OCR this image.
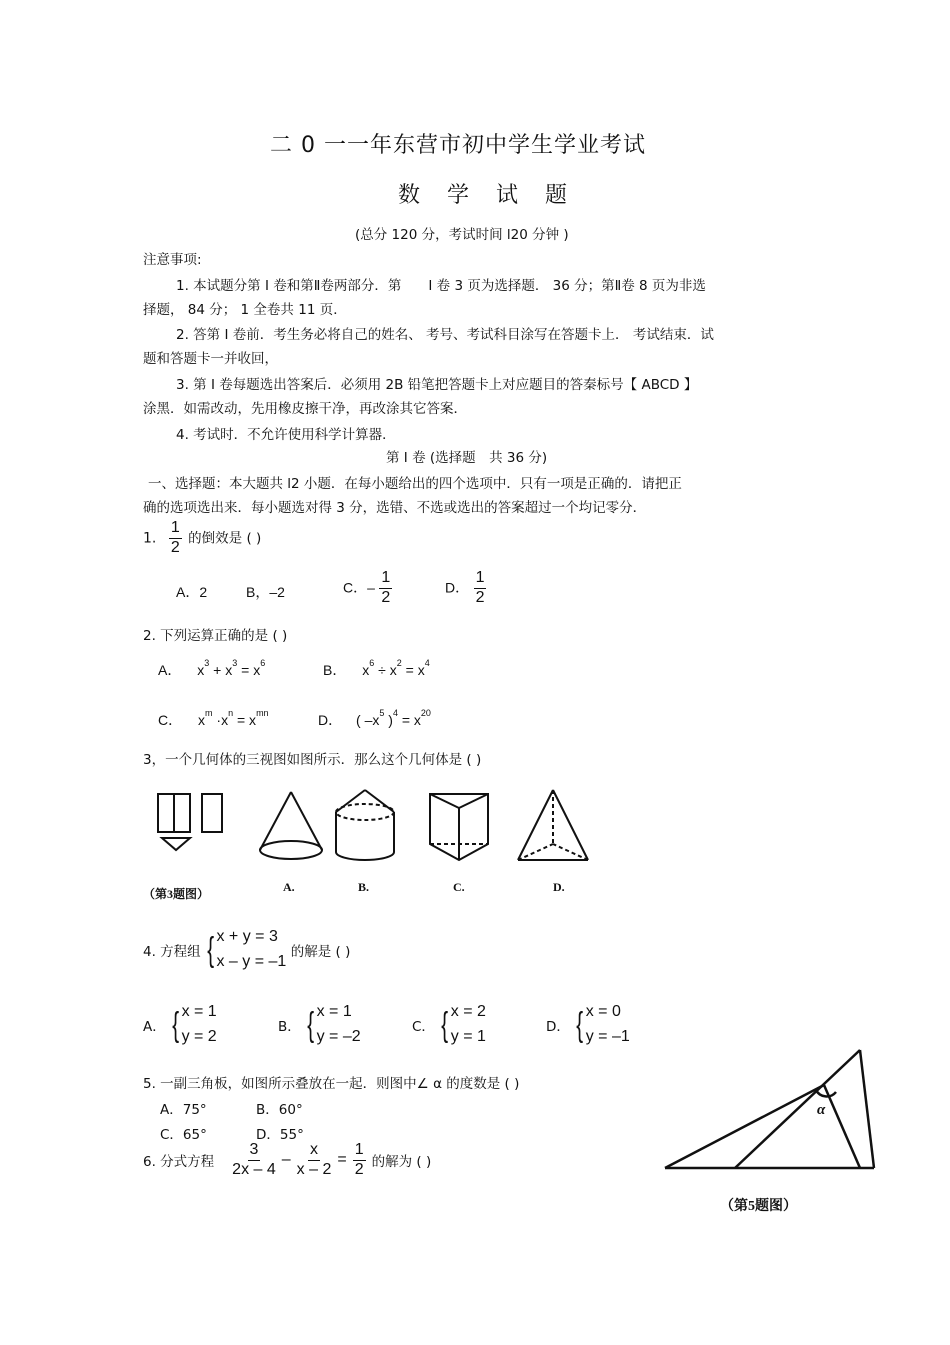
二 0 一一年东营市初中学生学业考试
数 学 试 题
(总分 120 分，考试时间 l20 分钟 )
注意事项:
1. 本试题分第 I 卷和第Ⅱ卷两部分．第　　I 卷 3 页为选择题． 36 分；第Ⅱ卷 8 页为非选
择题， 84 分； 1 全卷共 11 页．
2. 答第 I 卷前．考生务必将自己的姓名、 考号、考试科目涂写在答题卡上． 考试结束．试
题和答题卡一并收回，
3. 第 I 卷每题选出答案后．必须用 2B 铅笔把答题卡上对应题目的答秦标号【 ABCD 】
涂黑．如需改动，先用橡皮擦干净，再改涂其它答案．
4. 考试时．不允许使用科学计算器．
第 I 卷 (选择题　共 36 分)
一、选择题：本大题共 l2 小题．在每小题给出的四个选项中．只有一项是正确的．请把正
确的选项选出来．每小题选对得 3 分，选错、不选或选出的答案超过一个均记零分．
1. $\frac{1}{2}$ 的倒效是 ( )
A．2	B，–2	C．– $\frac{1}{2}$	D． $\frac{1}{2}$
2. 下列运算正确的是 ( )
A． $x^3 + x^3 = x^6$	B． $x^6 \div x^2 = x^4$
C． $x^m \cdot x^n = x^{mn}$	D． ( $-x^5$ )$^4 = x^{20}$
3，一个几何体的三视图如图所示．那么这个几何体是 ( )
（第3题图）	A.	B.	C.	D.
4. 方程组 { x + y = 3
x – y = –1
的解是 ( )
A． { x = 1
y = 2
B． { x = 1
y = –2
C． { x = 2
y = 1
D． { x = 0
y = –1
5. 一副三角板，如图所示叠放在一起．则图中∠ α 的度数是 ( )
A．75°	B．60°
C．65°	D．55°
α
（第5题图）
6. 分式方程 $\frac{3}{2x - 4} - \frac{x}{x - 2} = \frac{1}{2}$ 的解为 ( )
